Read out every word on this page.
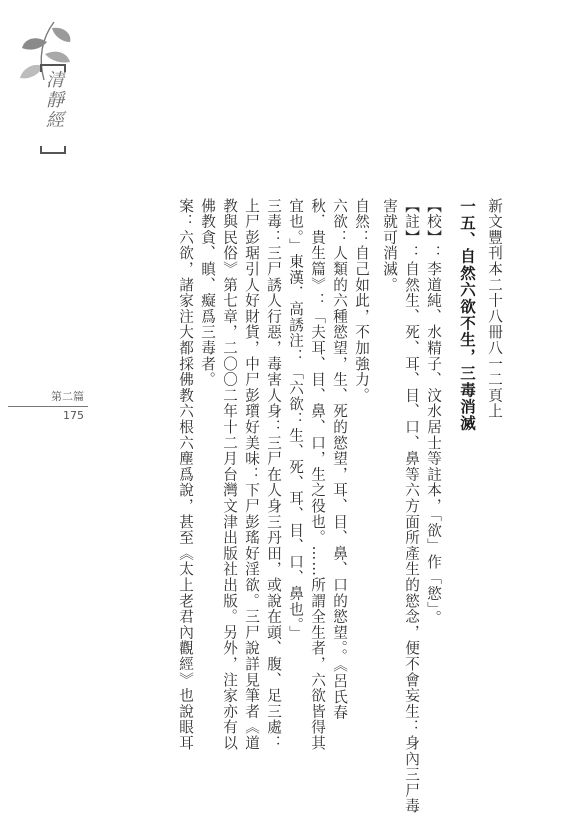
清靜經
第二篇
175	新文豐刊本二十八冊八一二頁上
一五、自然六欲不生，三毒消滅
【校】：李道純、水精子、汶水居士等註本，「欲」作「慾」。
【註】：自然生、死、耳、目、口、鼻等六方面所產生的慾念，便不會妄生：身內三尸毒
害就可消滅。
自然：自己如此，不加強力。
六欲：人類的六種慾望，生、死的慾望，耳、目、鼻、口的慾望。。《呂氏春
秋．貴生篇》：「夫耳、目、鼻、口，生之役也。……所謂全生者，六欲皆得其
宜也。」東漢．高誘注：「六欲：生、死、耳、目、口、鼻也。」
三毒：三尸誘人行惡，毒害人身：三尸在人身三丹田，或說在頭、腹、足三處：
上尸彭琚引人好財貨，中尸彭瓆好美味：下尸彭瑤好淫欲。三尸說詳見筆者《道
教與民俗》第七章，二〇〇二年十二月台灣文津出版社出版。另外，注家亦有以
佛教貪、瞋、癡爲三毒者。
案：六欲，諸家注大都採佛教六根六塵爲說，甚至《太上老君內觀經》也說眼耳
